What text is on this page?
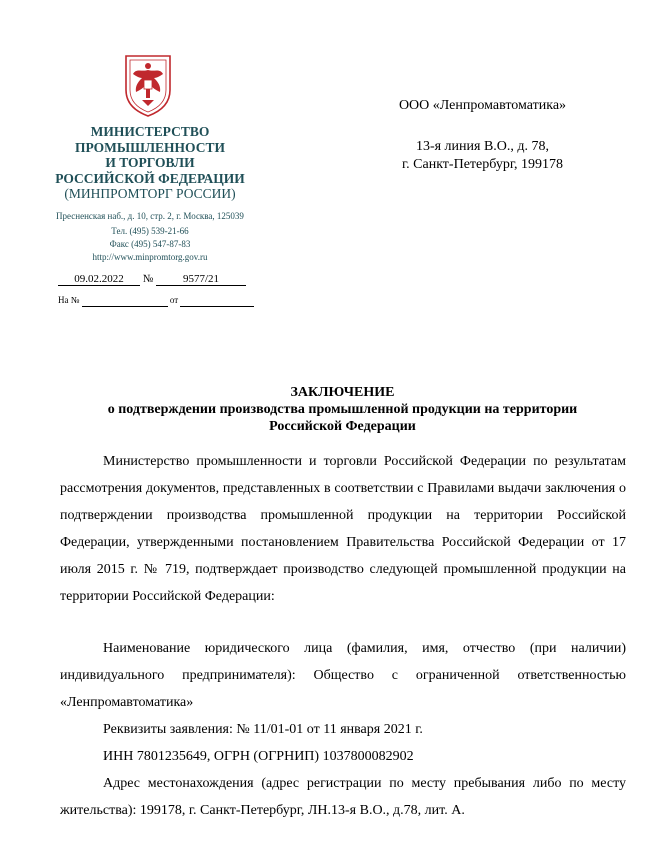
МИНИСТЕРСТВО
ПРОМЫШЛЕННОСТИ
И ТОРГОВЛИ
РОССИЙСКОЙ ФЕДЕРАЦИИ
(МИНПРОМТОРГ РОССИИ)
Пресненская наб., д. 10, стр. 2, г. Москва, 125039
Тел. (495) 539-21-66
Факс (495) 547-87-83
http://www.minpromtorg.gov.ru
09.02.2022 №	9577/21
На №	от
ООО «Ленпромавтоматика»
13-я линия В.О., д. 78,
г. Санкт-Петербург, 199178
ЗАКЛЮЧЕНИЕ
о подтверждении производства промышленной продукции на территории
Российской Федерации
Министерство промышленности и торговли Российской Федерации по результатам рассмотрения документов, представленных в соответствии с Правилами выдачи заключения о подтверждении производства промышленной продукции на территории Российской Федерации, утвержденными постановлением Правительства Российской Федерации от 17 июля 2015 г. № 719, подтверждает производство следующей промышленной продукции на территории Российской Федерации:
Наименование юридического лица (фамилия, имя, отчество (при наличии) индивидуального предпринимателя): Общество с ограниченной ответственностью «Ленпромавтоматика»
Реквизиты заявления: № 11/01-01 от 11 января 2021 г.
ИНН 7801235649, ОГРН (ОГРНИП) 1037800082902
Адрес местонахождения (адрес регистрации по месту пребывания либо по месту жительства): 199178, г. Санкт-Петербург, ЛН.13-я В.О., д.78, лит. А.
